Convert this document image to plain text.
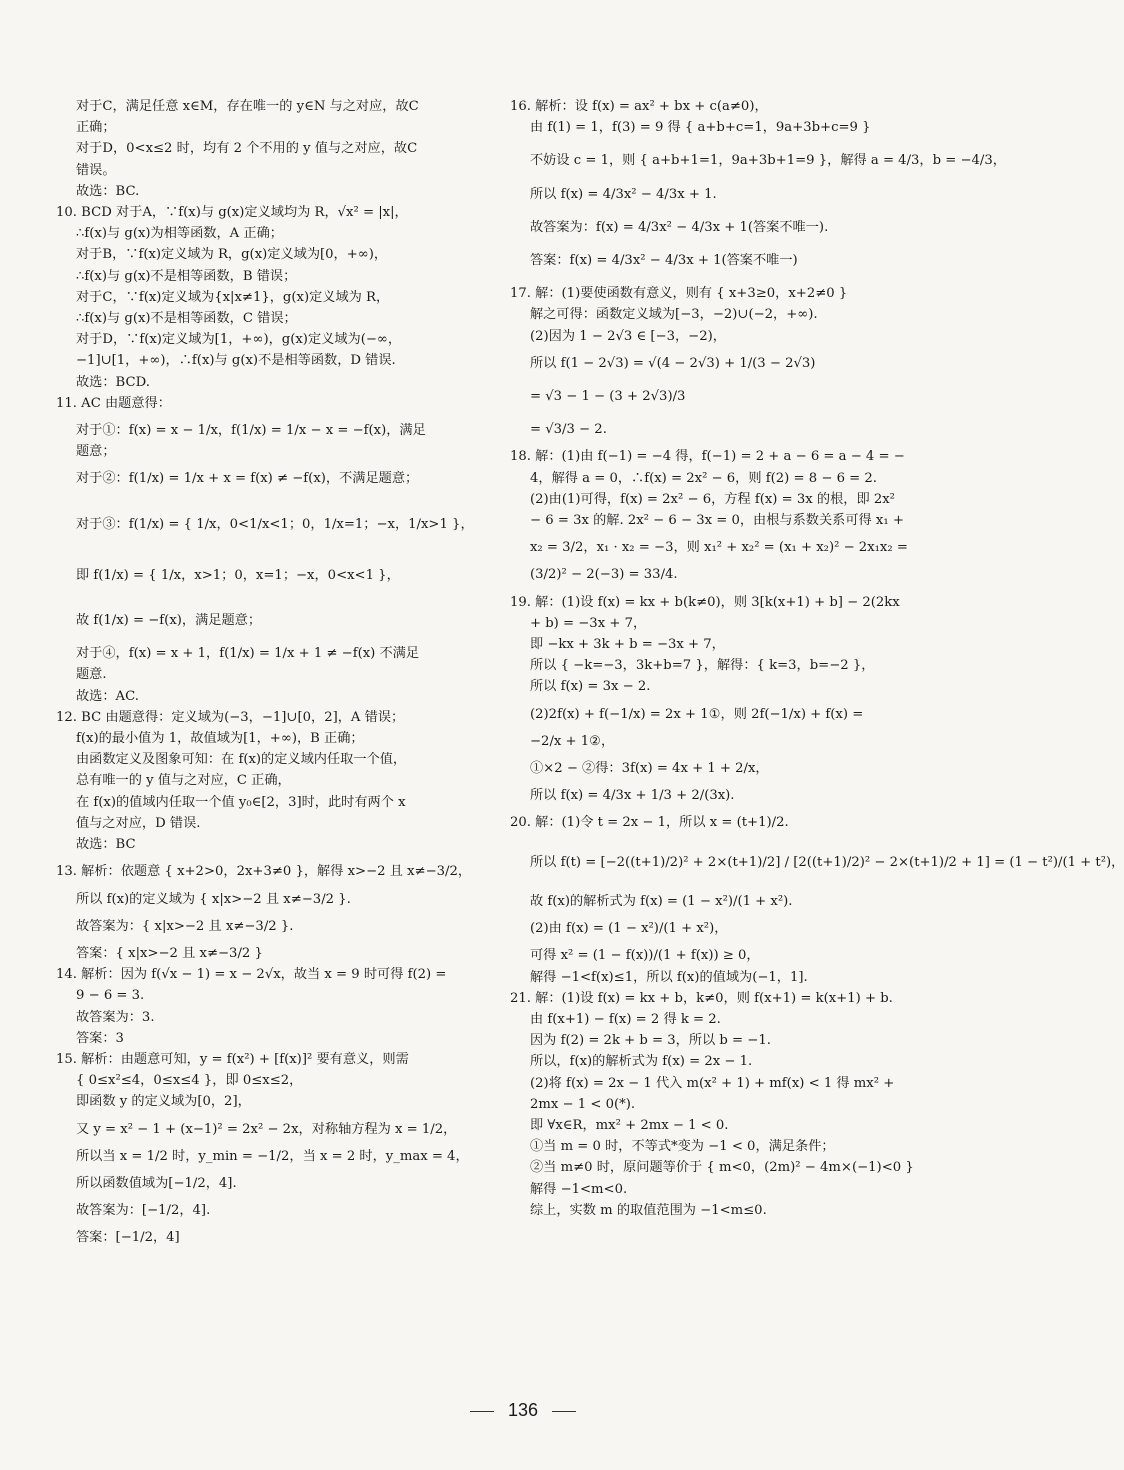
对于C，满足任意 x∈M，存在唯一的 y∈N 与之对应，故C

正确；

对于D，0<x≤2 时，均有 2 个不用的 y 值与之对应，故C

错误。

故选：BC.

10. BCD 对于A，∵f(x)与 g(x)定义域均为 R，√x² = |x|，

∴f(x)与 g(x)为相等函数，A 正确；

对于B，∵f(x)定义域为 R，g(x)定义域为[0，+∞)，

∴f(x)与 g(x)不是相等函数，B 错误；

对于C，∵f(x)定义域为{x|x≠1}，g(x)定义域为 R，

∴f(x)与 g(x)不是相等函数，C 错误；

对于D，∵f(x)定义域为[1，+∞)，g(x)定义域为(−∞，

−1]∪[1，+∞)，∴f(x)与 g(x)不是相等函数，D 错误.

故选：BCD.

11. AC 由题意得：

对于①：f(x) = x − 1/x，f(1/x) = 1/x − x = −f(x)，满足

题意；

对于②：f(1/x) = 1/x + x = f(x) ≠ −f(x)，不满足题意；

对于③：f(1/x) = { 1/x，0<1/x<1；0，1/x=1；−x，1/x>1 }，

即 f(1/x) = { 1/x，x>1；0，x=1；−x，0<x<1 }，

故 f(1/x) = −f(x)，满足题意；

对于④，f(x) = x + 1，f(1/x) = 1/x + 1 ≠ −f(x) 不满足

题意.

故选：AC.

12. BC 由题意得：定义域为(−3，−1]∪[0，2]，A 错误；

f(x)的最小值为 1，故值域为[1，+∞)，B 正确；

由函数定义及图象可知：在 f(x)的定义域内任取一个值，

总有唯一的 y 值与之对应，C 正确，

在 f(x)的值域内任取一个值 y₀∈[2，3]时，此时有两个 x

值与之对应，D 错误.

故选：BC

13. 解析：依题意 { x+2>0，2x+3≠0 }，解得 x>−2 且 x≠−3/2，

所以 f(x)的定义域为 { x|x>−2 且 x≠−3/2 }.

故答案为：{ x|x>−2 且 x≠−3/2 }.

答案：{ x|x>−2 且 x≠−3/2 }

14. 解析：因为 f(√x − 1) = x − 2√x，故当 x = 9 时可得 f(2) =

9 − 6 = 3.

故答案为：3.

答案：3

15. 解析：由题意可知，y = f(x²) + [f(x)]² 要有意义，则需

{ 0≤x²≤4，0≤x≤4 }，即 0≤x≤2，

即函数 y 的定义域为[0，2]，

又 y = x² − 1 + (x−1)² = 2x² − 2x，对称轴方程为 x = 1/2，

所以当 x = 1/2 时，y_min = −1/2，当 x = 2 时，y_max = 4，

所以函数值域为[−1/2，4].

故答案为：[−1/2，4].

答案：[−1/2，4]

16. 解析：设 f(x) = ax² + bx + c(a≠0)，

由 f(1) = 1，f(3) = 9 得 { a+b+c=1，9a+3b+c=9 }

不妨设 c = 1，则 { a+b+1=1，9a+3b+1=9 }，解得 a = 4/3，b = −4/3，

所以 f(x) = 4/3x² − 4/3x + 1.

故答案为：f(x) = 4/3x² − 4/3x + 1(答案不唯一).

答案：f(x) = 4/3x² − 4/3x + 1(答案不唯一)

17. 解：(1)要使函数有意义，则有 { x+3≥0，x+2≠0 }

解之可得：函数定义域为[−3，−2)∪(−2，+∞).

(2)因为 1 − 2√3 ∈ [−3，−2)，

所以 f(1 − 2√3) = √(4 − 2√3) + 1/(3 − 2√3)

= √3 − 1 − (3 + 2√3)/3

= √3/3 − 2.

18. 解：(1)由 f(−1) = −4 得，f(−1) = 2 + a − 6 = a − 4 = −

4，解得 a = 0，∴f(x) = 2x² − 6，则 f(2) = 8 − 6 = 2.

(2)由(1)可得，f(x) = 2x² − 6，方程 f(x) = 3x 的根，即 2x²

− 6 = 3x 的解. 2x² − 6 − 3x = 0，由根与系数关系可得 x₁ +

x₂ = 3/2，x₁ · x₂ = −3，则 x₁² + x₂² = (x₁ + x₂)² − 2x₁x₂ =

(3/2)² − 2(−3) = 33/4.

19. 解：(1)设 f(x) = kx + b(k≠0)，则 3[k(x+1) + b] − 2(2kx

+ b) = −3x + 7，

即 −kx + 3k + b = −3x + 7，

所以 { −k=−3，3k+b=7 }，解得：{ k=3，b=−2 }，

所以 f(x) = 3x − 2.

(2)2f(x) + f(−1/x) = 2x + 1①，则 2f(−1/x) + f(x) =

−2/x + 1②，

①×2 − ②得：3f(x) = 4x + 1 + 2/x，

所以 f(x) = 4/3x + 1/3 + 2/(3x).

20. 解：(1)令 t = 2x − 1，所以 x = (t+1)/2.

所以 f(t) = [−2((t+1)/2)² + 2×(t+1)/2] / [2((t+1)/2)² − 2×(t+1)/2 + 1] = (1 − t²)/(1 + t²)，

故 f(x)的解析式为 f(x) = (1 − x²)/(1 + x²).

(2)由 f(x) = (1 − x²)/(1 + x²)，

可得 x² = (1 − f(x))/(1 + f(x)) ≥ 0，

解得 −1<f(x)≤1，所以 f(x)的值域为(−1，1].

21. 解：(1)设 f(x) = kx + b，k≠0，则 f(x+1) = k(x+1) + b.

由 f(x+1) − f(x) = 2 得 k = 2.

因为 f(2) = 2k + b = 3，所以 b = −1.

所以，f(x)的解析式为 f(x) = 2x − 1.

(2)将 f(x) = 2x − 1 代入 m(x² + 1) + mf(x) < 1 得 mx² +

2mx − 1 < 0(*).

即 ∀x∈R，mx² + 2mx − 1 < 0.

①当 m = 0 时，不等式*变为 −1 < 0，满足条件；

②当 m≠0 时，原问题等价于 { m<0，(2m)² − 4m×(−1)<0 }

解得 −1<m<0.

综上，实数 m 的取值范围为 −1<m≤0.

136
